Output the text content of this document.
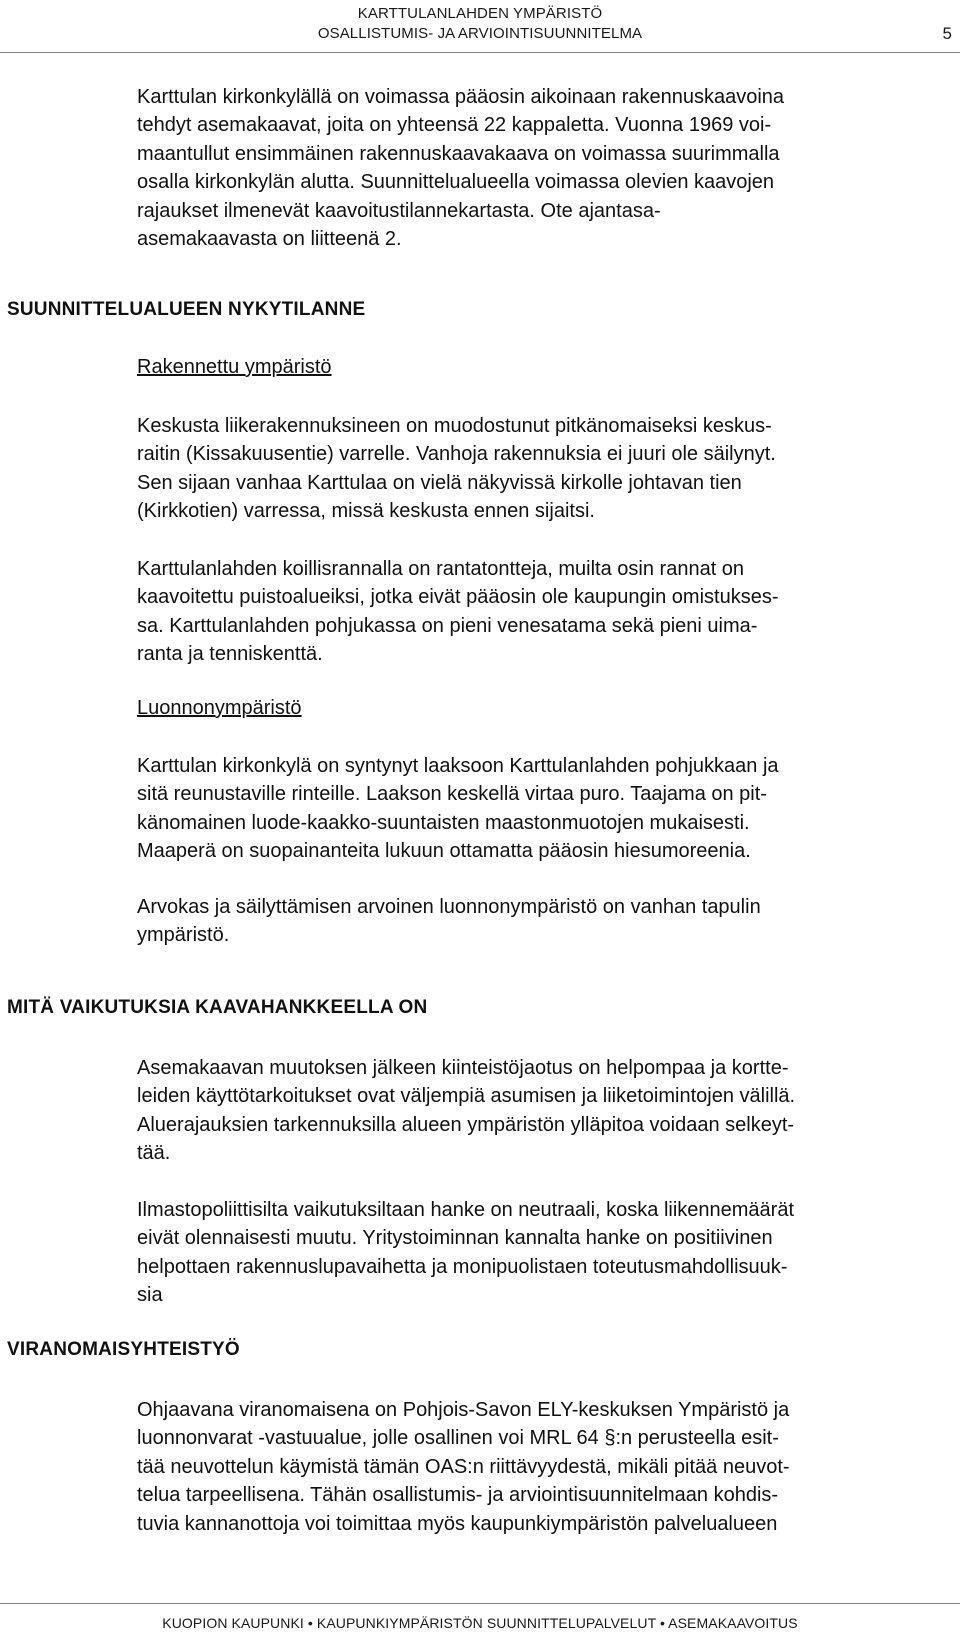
KARTTULANLAHDEN YMPÄRISTÖ
OSALLISTUMIS- JA ARVIOINTISUUNNITELMA	5
Karttulan kirkonkylällä on voimassa pääosin aikoinaan rakennuskaavoina
tehdyt asemakaavat, joita on yhteensä 22 kappaletta. Vuonna 1969 voi-
maantullut ensimmäinen rakennuskaavakaava on voimassa suurimmalla
osalla kirkonkylän alutta. Suunnittelualueella voimassa olevien kaavojen
rajaukset ilmenevät kaavoitustilannekartasta. Ote ajantasa-
asemakaavasta on liitteenä 2.
SUUNNITTELUALUEEN NYKYTILANNE
Rakennettu ympäristö
Keskusta liikerakennuksineen on muodostunut pitkänomaiseksi keskus-
raitin (Kissakuusentie) varrelle. Vanhoja rakennuksia ei juuri ole säilynyt.
Sen sijaan vanhaa Karttulaa on vielä näkyvissä kirkolle johtavan tien
(Kirkkotien) varressa, missä keskusta ennen sijaitsi.
Karttulanlahden koillisrannalla on rantatontteja, muilta osin rannat on
kaavoitettu puistoalueiksi, jotka eivät pääosin ole kaupungin omistukses-
sa. Karttulanlahden pohjukassa on pieni venesatama sekä pieni uima-
ranta ja tenniskenttä.
Luonnonympäristö
Karttulan kirkonkylä on syntynyt laaksoon Karttulanlahden pohjukkaan ja
sitä reunustaville rinteille. Laakson keskellä virtaa puro. Taajama on pit-
känomainen luode-kaakko-suuntaisten maastonmuotojen mukaisesti.
Maaperä on suopainanteita lukuun ottamatta pääosin hiesumoreenia.
Arvokas ja säilyttämisen arvoinen luonnonympäristö on vanhan tapulin
ympäristö.
MITÄ VAIKUTUKSIA KAAVAHANKKEELLA ON
Asemakaavan muutoksen jälkeen kiinteistöjaotus on helpompaa ja kortte-
leiden käyttötarkoitukset ovat väljempiä asumisen ja liiketoimintojen välillä.
Aluerajauksien tarkennuksilla alueen ympäristön ylläpitoa voidaan selkeyt-
tää.
Ilmastopoliittisilta vaikutuksiltaan hanke on neutraali, koska liikennemäärät
eivät olennaisesti muutu. Yritystoiminnan kannalta hanke on positiivinen
helpottaen rakennuslupavaihetta ja monipuolistaen toteutusmahdollisuuk-
sia
VIRANOMAISYHTEISTYÖ
Ohjaavana viranomaisena on Pohjois-Savon ELY-keskuksen Ympäristö ja
luonnonvarat -vastuualue, jolle osallinen voi MRL 64 §:n perusteella esit-
tää neuvottelun käymistä tämän OAS:n riittävyydestä, mikäli pitää neuvot-
telua tarpeellisena. Tähän osallistumis- ja arviointisuunnitelmaan kohdis-
tuvia kannanottoja voi toimittaa myös kaupunkiympäristön palvelualueen
KUOPION KAUPUNKI • KAUPUNKIYMPÄRISTÖN SUUNNITTELUPALVELUT • ASEMAKAAVOITUS
